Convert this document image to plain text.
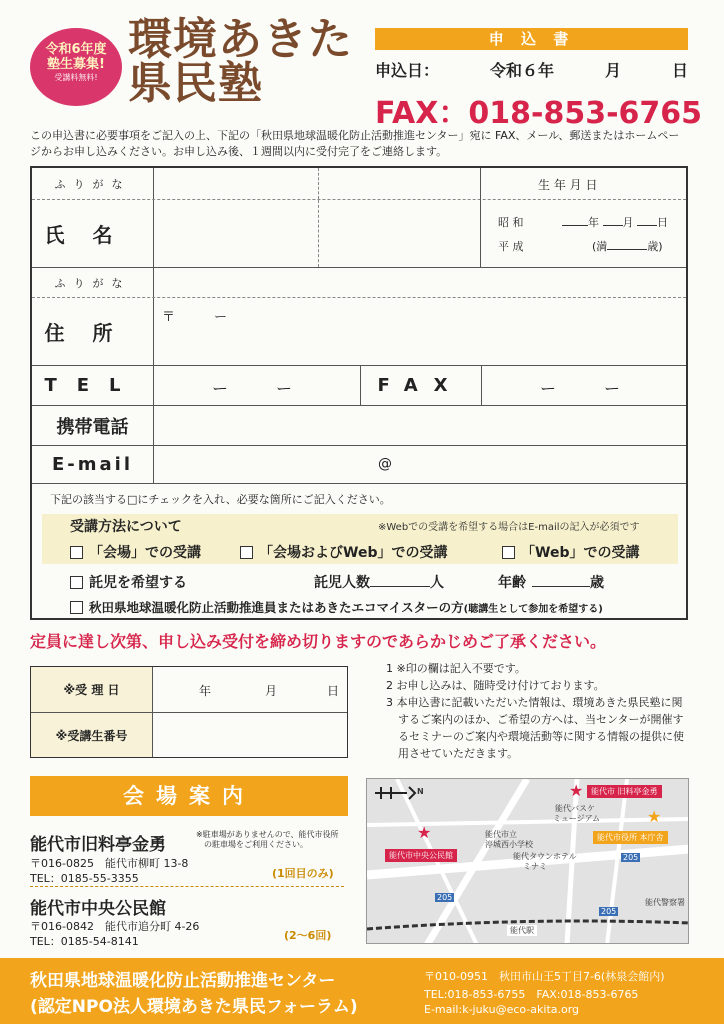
令和6年度
塾生募集!
受講料無料!
環境あきた
県民塾
申 込 書
申込日：	令和６年	月	日
FAX：018-853-6765
この申込書に必要事項をご記入の上、下記の「秋田県地球温暖化防止活動推進センター」宛に FAX、メール、郵送またはホームページからお申し込みください。お申し込み後、１週間以内に受付完了をご連絡します。
ふりがな	生 年 月 日
氏名
昭 和	年 月 日
平 成	(満	歳)
ふりがな
住所
〒　　　ー
TEL	ー　　　ー	FAX	ー　　　ー
携帯電話
E-mail	@
下記の該当する□にチェックを入れ、必要な箇所にご記入ください。
受講方法について	※Webでの受講を希望する場合はE-mailの記入が必須です
「会場」での受講	「会場およびWeb」での受講	「Web」での受講
託児を希望する	託児人数	人	年齢	歳
秋田県地球温暖化防止活動推進員またはあきたエコマイスターの方(聴講生として参加を希望する)
定員に達し次第、申し込み受付を締め切りますのであらかじめご了承ください。
※受 理 日	年	月	日
※受講生番号
1 ※印の欄は記入不要です。
2 お申し込みは、随時受け付けております。
3 本申込書に記載いただいた情報は、環境あきた県民塾に関するご案内のほか、ご希望の方へは、当センターが開催するセミナーのご案内や環境活動等に関する情報の提供に使用させていただきます。
会場案内
能代市旧料亭金勇
※駐車場がありませんので、能代市役所
の駐車場をご利用ください。
〒016-0825　能代市柳町 13-8
TEL：0185-55-3355	(1回目のみ)
能代市中央公民館
〒016-0842　能代市追分町 4-26
TEL：0185-54-8141	(2～6回)
N	★ 能代市 旧料亭金勇
能代バスケ
ミュージアム	★
能代市役所 本庁舎
能代市立
渟城西小学校
能代タウンホテル
ミナミ
★
能代市中央公民館
能代警察署
能代駅
205
205
205
秋田県地球温暖化防止活動推進センター
(認定NPO法人環境あきた県民フォーラム)
〒010-0951　秋田市山王5丁目7-6(林泉会館内)
TEL:018-853-6755　FAX:018-853-6765
E-mail:k-juku@eco-akita.org
